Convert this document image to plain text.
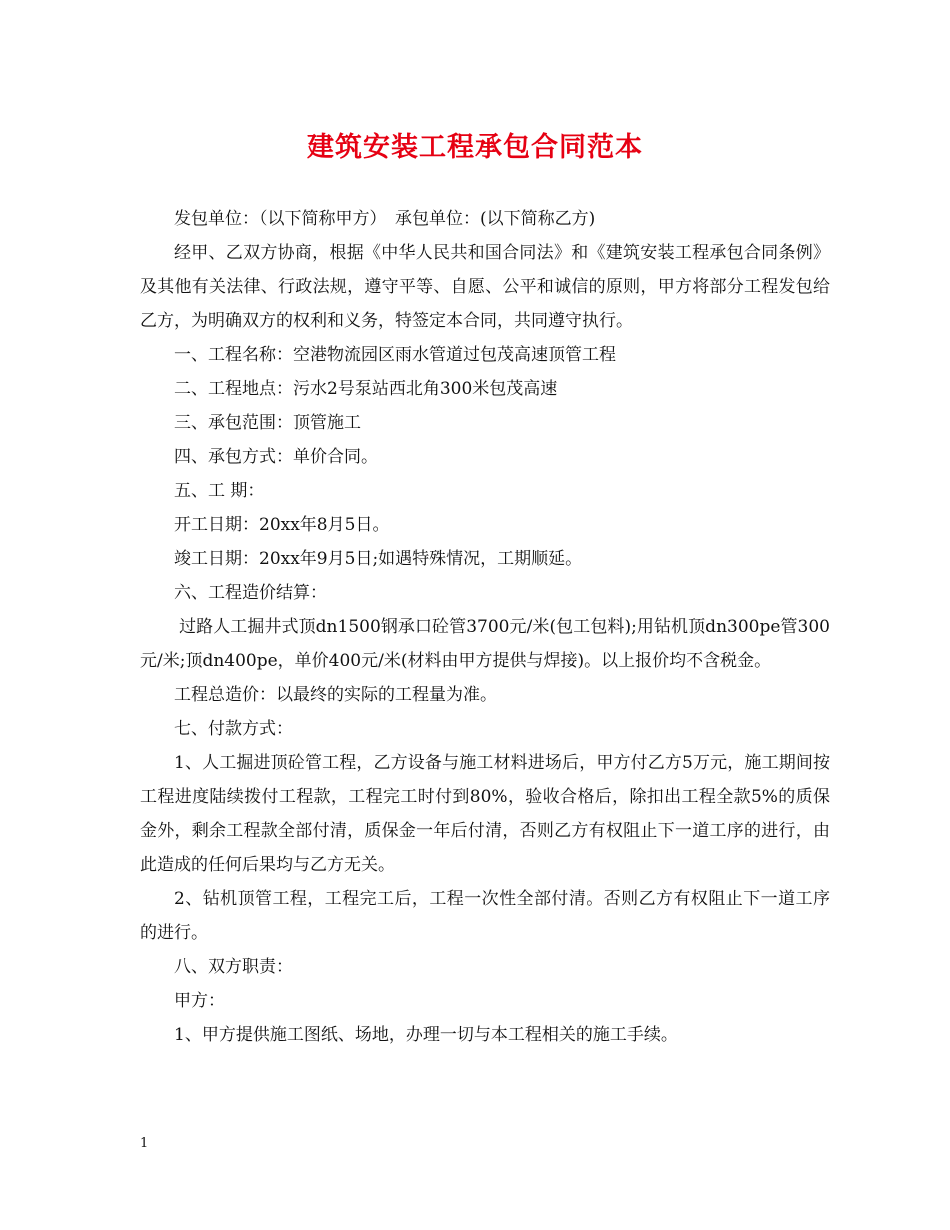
建筑安装工程承包合同范本

发包单位：（以下简称甲方）　承包单位：(以下简称乙方)

经甲、乙双方协商，根据《中华人民共和国合同法》和《建筑安装工程承包合同条例》及其他有关法律、行政法规，遵守平等、自愿、公平和诚信的原则，甲方将部分工程发包给乙方，为明确双方的权利和义务，特签定本合同，共同遵守执行。

一、工程名称：空港物流园区雨水管道过包茂高速顶管工程

二、工程地点：污水2号泵站西北角300米包茂高速

三、承包范围：顶管施工

四、承包方式：单价合同。

五、工 期：

开工日期：20xx年8月5日。

竣工日期：20xx年9月5日;如遇特殊情况，工期顺延。

六、工程造价结算：

过路人工掘井式顶dn1500钢承口砼管3700元/米(包工包料);用钻机顶dn300pe管300元/米;顶dn400pe，单价400元/米(材料由甲方提供与焊接)。以上报价均不含税金。

工程总造价：以最终的实际的工程量为准。

七、付款方式：

1、人工掘进顶砼管工程，乙方设备与施工材料进场后，甲方付乙方5万元，施工期间按工程进度陆续拨付工程款，工程完工时付到80%，验收合格后，除扣出工程全款5%的质保金外，剩余工程款全部付清，质保金一年后付清，否则乙方有权阻止下一道工序的进行，由此造成的任何后果均与乙方无关。

2、钻机顶管工程，工程完工后，工程一次性全部付清。否则乙方有权阻止下一道工序的进行。

八、双方职责：

甲方：

1、甲方提供施工图纸、场地，办理一切与本工程相关的施工手续。

1
